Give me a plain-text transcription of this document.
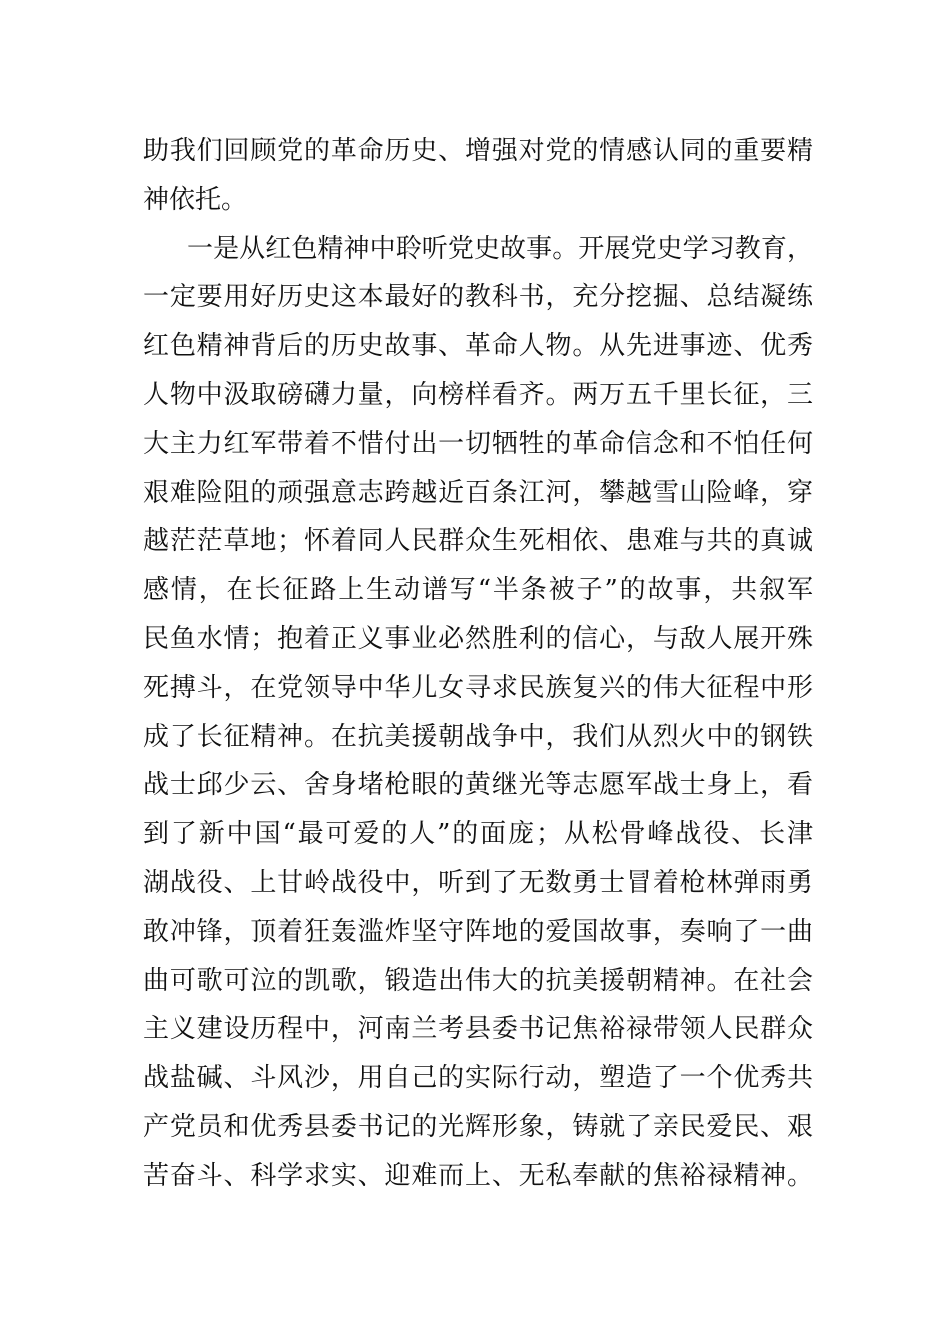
助我们回顾党的革命历史、增强对党的情感认同的重要精
神依托。
一是从红色精神中聆听党史故事。开展党史学习教育，
一定要用好历史这本最好的教科书，充分挖掘、总结凝练
红色精神背后的历史故事、革命人物。从先进事迹、优秀
人物中汲取磅礴力量，向榜样看齐。两万五千里长征，三
大主力红军带着不惜付出一切牺牲的革命信念和不怕任何
艰难险阻的顽强意志跨越近百条江河，攀越雪山险峰，穿
越茫茫草地；怀着同人民群众生死相依、患难与共的真诚
感情，在长征路上生动谱写“半条被子”的故事，共叙军
民鱼水情；抱着正义事业必然胜利的信心，与敌人展开殊
死搏斗，在党领导中华儿女寻求民族复兴的伟大征程中形
成了长征精神。在抗美援朝战争中，我们从烈火中的钢铁
战士邱少云、舍身堵枪眼的黄继光等志愿军战士身上，看
到了新中国“最可爱的人”的面庞；从松骨峰战役、长津
湖战役、上甘岭战役中，听到了无数勇士冒着枪林弹雨勇
敢冲锋，顶着狂轰滥炸坚守阵地的爱国故事，奏响了一曲
曲可歌可泣的凯歌，锻造出伟大的抗美援朝精神。在社会
主义建设历程中，河南兰考县委书记焦裕禄带领人民群众
战盐碱、斗风沙，用自己的实际行动，塑造了一个优秀共
产党员和优秀县委书记的光辉形象，铸就了亲民爱民、艰
苦奋斗、科学求实、迎难而上、无私奉献的焦裕禄精神。
